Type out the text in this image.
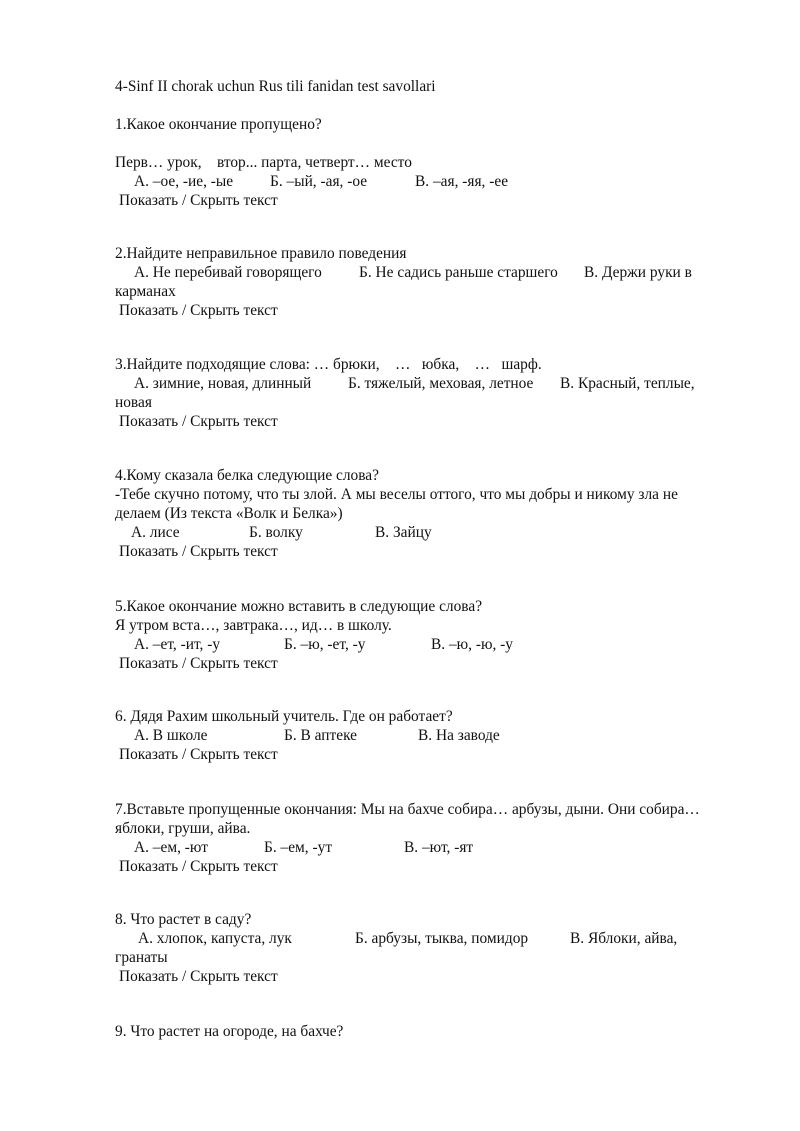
4-Sinf II chorak uchun Rus tili fanidan test savollari
1.Какое окончание пропущено?
Перв… урок,    втор... парта, четверт… место
А. –ое, -ие, -ые Б. –ый, -ая, -ое	В. –ая, -яя, -ее
Показать / Скрыть текст
2.Найдите неправильное правило поведения
А. Не перебивай говорящего Б. Не садись раньше старшего В. Держи руки в
карманах
Показать / Скрыть текст
3.Найдите подходящие слова: … брюки,    …   юбка,    …   шарф.
А. зимние, новая, длинный Б. тяжелый, меховая, летное В. Красный, теплые,
новая
Показать / Скрыть текст
4.Кому сказала белка следующие слова?
-Тебе скучно потому, что ты злой. А мы веселы оттого, что мы добры и никому зла не
делаем (Из текста «Волк и Белка»)
А. лисе	Б. волку	В. Зайцу
Показать / Скрыть текст
5.Какое окончание можно вставить в следующие слова?
Я утром вста…, завтрака…, ид… в школу.
А. –ет, -ит, -у	Б. –ю, -ет, -у	В. –ю, -ю, -у
Показать / Скрыть текст
6. Дядя Рахим школьный учитель. Где он работает?
А. В школе	Б. В аптеке	В. На заводе
Показать / Скрыть текст
7.Вставьте пропущенные окончания: Мы на бахче собира… арбузы, дыни. Они собира…
яблоки, груши, айва.
А. –ем, -ют	Б. –ем, -ут	В. –ют, -ят
Показать / Скрыть текст
8. Что растет в саду?
А. хлопок, капуста, лук	Б. арбузы, тыква, помидор	В. Яблоки, айва,
гранаты
Показать / Скрыть текст
9. Что растет на огороде, на бахче?
